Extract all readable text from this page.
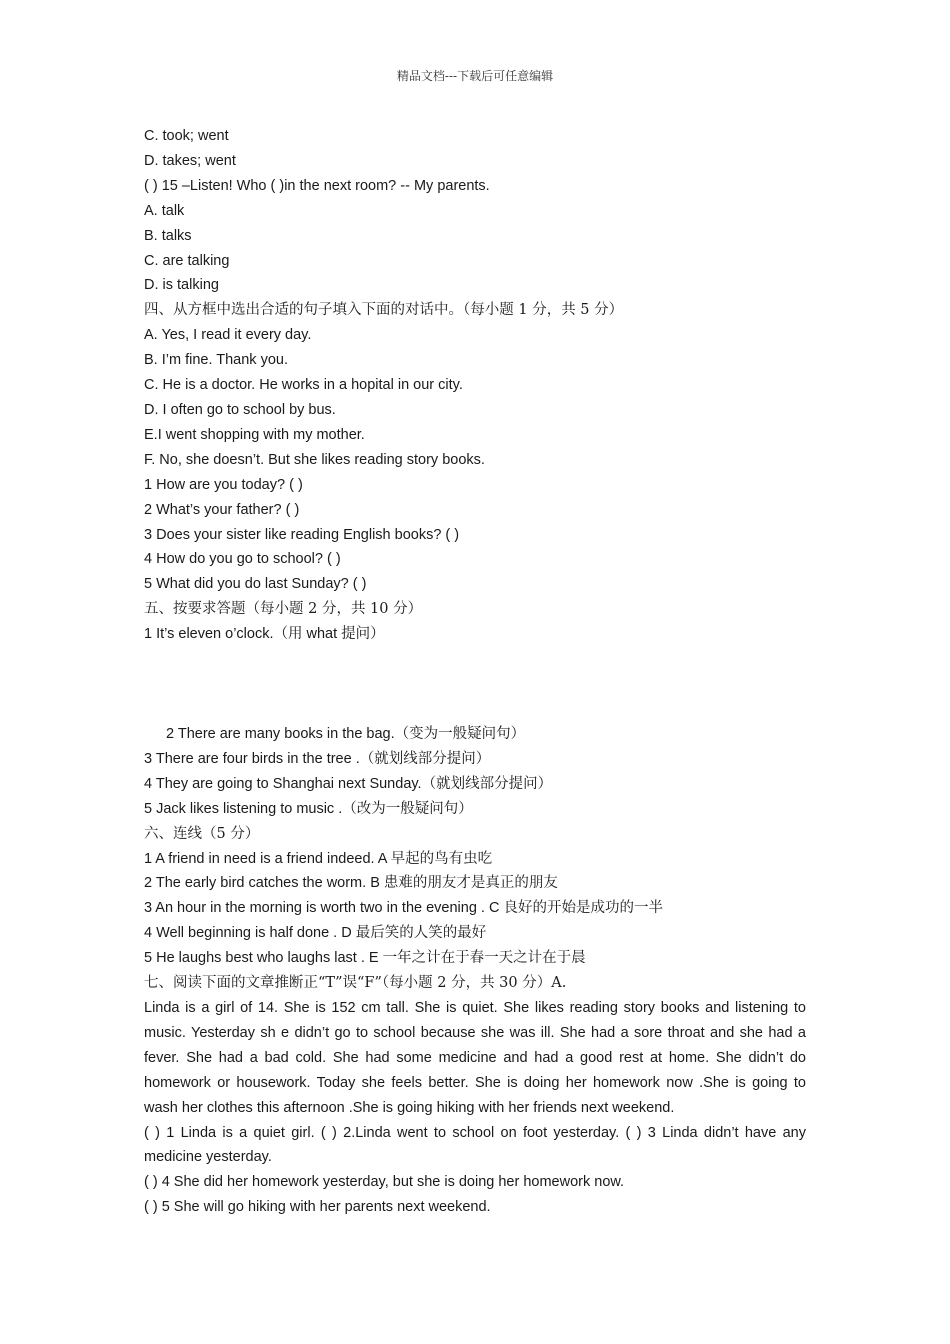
精品文档---下载后可任意编辑
C. took; went
D. takes; went
( ) 15 –Listen! Who ( )in the next room? -- My parents.
A. talk
B. talks
C. are talking
D. is talking
四、从方框中选出合适的句子填入下面的对话中。（每小题 1 分，共 5 分）
A. Yes, I read it every day.
B. I’m fine. Thank you.
C. He is a doctor. He works in a hopital in our city.
D. I often go to school by bus.
E.I went shopping with my mother.
F. No, she doesn’t. But she likes reading story books.
1 How are you today? ( )
2 What’s your father? ( )
3 Does your sister like reading English books? ( )
4 How do you go to school? ( )
5 What did you do last Sunday? ( )
五、按要求答题（每小题 2 分，共 10 分）
1 It’s eleven o’clock.（用 what 提问）
2 There are many books in the bag.（变为一般疑问句）
3 There are four birds in the tree .（就划线部分提问）
4 They are going to Shanghai next Sunday.（就划线部分提问）
5 Jack likes listening to music .（改为一般疑问句）
六、连线（5 分）
1 A friend in need is a friend indeed. A 早起的鸟有虫吃
2 The early bird catches the worm. B 患难的朋友才是真正的朋友
3 An hour in the morning is worth two in the evening . C 良好的开始是成功的一半
4 Well beginning is half done . D 最后笑的人笑的最好
5 He laughs best who laughs last . E 一年之计在于春一天之计在于晨
七、阅读下面的文章推断正“T”误“F”（每小题 2 分，共 30 分）A.
Linda is a girl of 14. She is 152 cm tall. She is quiet. She likes reading story books and listening to music. Yesterday sh e didn’t go to school because she was ill. She had a sore throat and she had a fever. She had a bad cold. She had some medicine and had a good rest at home. She didn’t do homework or housework. Today she feels better. She is doing her homework now .She is going to wash her clothes this afternoon .She is going hiking with her friends next weekend.
( ) 1 Linda is a quiet girl. ( ) 2.Linda went to school on foot yesterday. ( ) 3 Linda didn’t have any medicine yesterday.
( ) 4 She did her homework yesterday, but she is doing her homework now.
( ) 5 She will go hiking with her parents next weekend.
